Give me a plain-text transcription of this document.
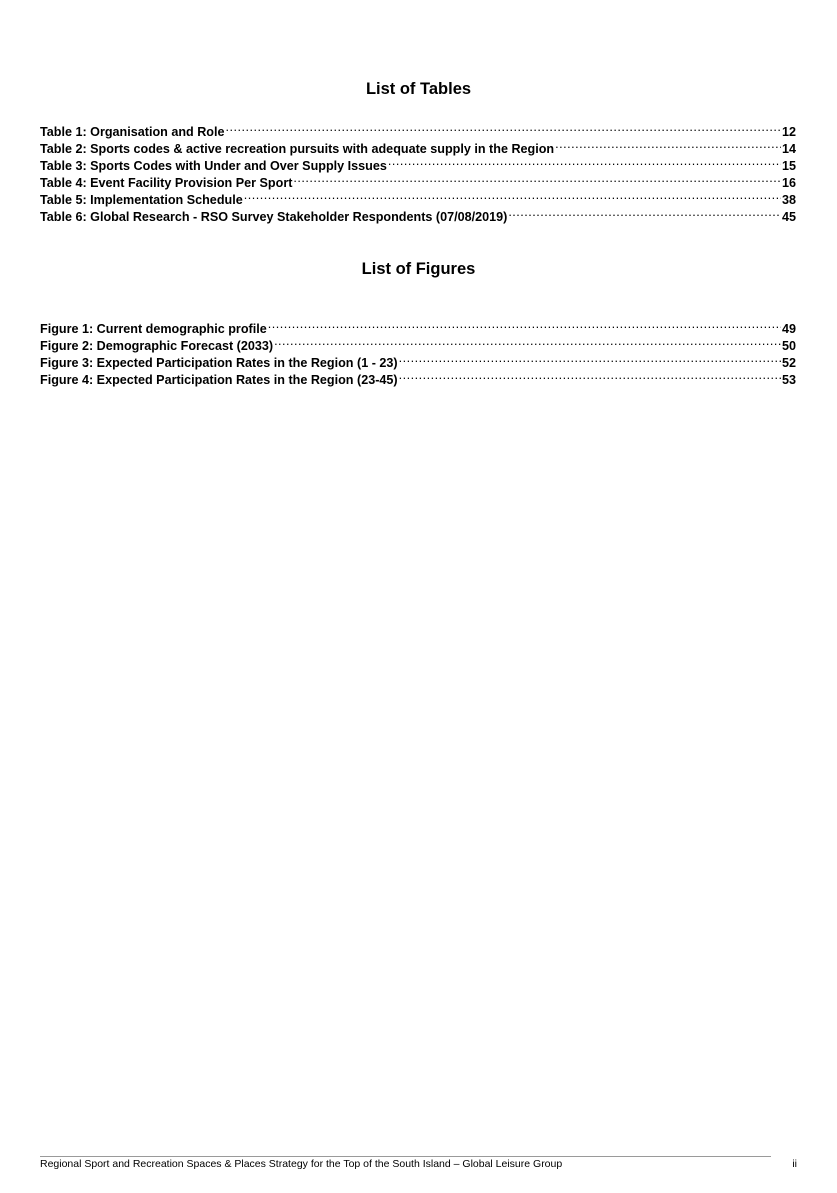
List of Tables
Table 1: Organisation and Role .....	12
Table 2: Sports codes & active recreation pursuits with adequate supply in the Region .....	14
Table 3: Sports Codes with Under and Over Supply Issues .....	15
Table 4: Event Facility Provision Per Sport .....	16
Table 5: Implementation Schedule .....	38
Table 6: Global Research - RSO Survey Stakeholder Respondents (07/08/2019) .....	45
List of Figures
Figure 1: Current demographic profile .....	49
Figure 2: Demographic Forecast (2033) .....	50
Figure 3: Expected Participation Rates in the Region (1 - 23) .....	52
Figure 4: Expected Participation Rates in the Region (23-45) .....	53
Regional Sport and Recreation Spaces & Places Strategy for the Top of the South Island – Global Leisure Group	ii
